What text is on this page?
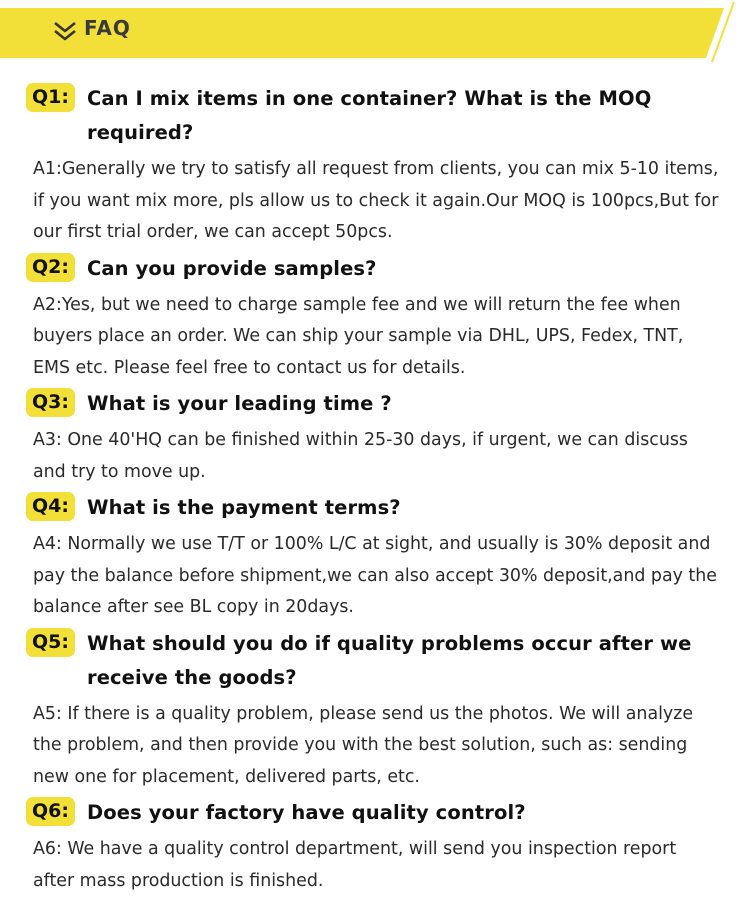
FAQ
Q1: Can I mix items in one container? What is the MOQ required?
A1:Generally we try to satisfy all request from clients, you can mix 5-10 items, if you want mix more, pls allow us to check it again.Our MOQ is 100pcs,But for our first trial order, we can accept 50pcs.
Q2: Can you provide samples?
A2:Yes, but we need to charge sample fee and we will return the fee when buyers place an order. We can ship your sample via DHL, UPS, Fedex, TNT, EMS etc. Please feel free to contact us for details.
Q3: What is your leading time ?
A3: One 40'HQ can be finished within 25-30 days, if urgent, we can discuss and try to move up.
Q4: What is the payment terms?
A4: Normally we use T/T or 100% L/C at sight, and usually is 30% deposit and pay the balance before shipment,we can also accept 30% deposit,and pay the balance after see BL copy in 20days.
Q5: What should you do if quality problems occur after we receive the goods?
A5: If there is a quality problem, please send us the photos. We will analyze the problem, and then provide you with the best solution, such as: sending new one for placement, delivered parts, etc.
Q6: Does your factory have quality control?
A6: We have a quality control department, will send you inspection report after mass production is finished.
